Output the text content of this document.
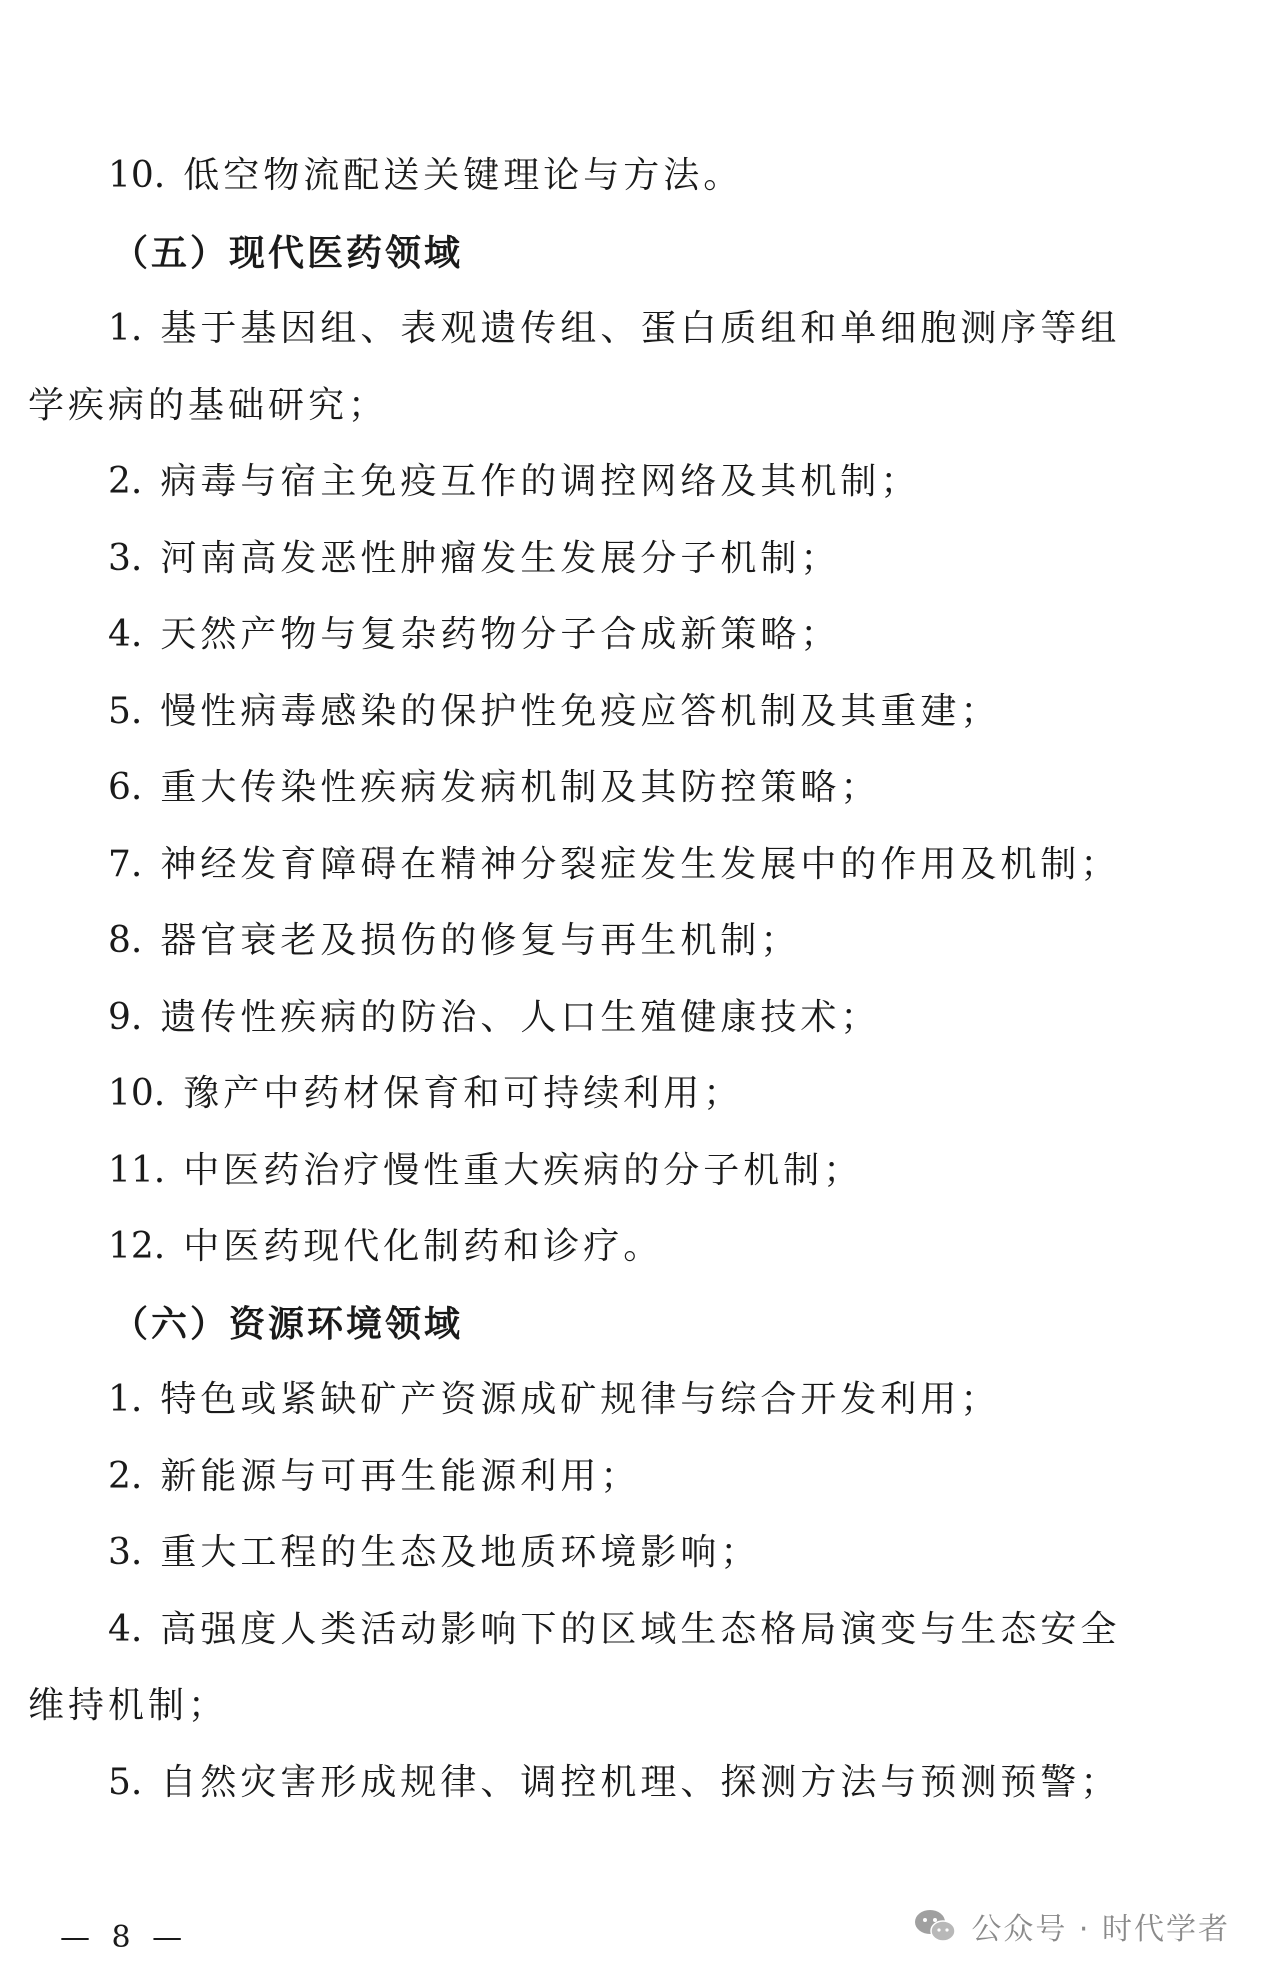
10. 低空物流配送关键理论与方法。
（五）现代医药领域
1. 基于基因组、表观遗传组、蛋白质组和单细胞测序等组
学疾病的基础研究；
2. 病毒与宿主免疫互作的调控网络及其机制；
3. 河南高发恶性肿瘤发生发展分子机制；
4. 天然产物与复杂药物分子合成新策略；
5. 慢性病毒感染的保护性免疫应答机制及其重建；
6. 重大传染性疾病发病机制及其防控策略；
7. 神经发育障碍在精神分裂症发生发展中的作用及机制；
8. 器官衰老及损伤的修复与再生机制；
9. 遗传性疾病的防治、人口生殖健康技术；
10. 豫产中药材保育和可持续利用；
11. 中医药治疗慢性重大疾病的分子机制；
12. 中医药现代化制药和诊疗。
（六）资源环境领域
1. 特色或紧缺矿产资源成矿规律与综合开发利用；
2. 新能源与可再生能源利用；
3. 重大工程的生态及地质环境影响；
4. 高强度人类活动影响下的区域生态格局演变与生态安全
维持机制；
5. 自然灾害形成规律、调控机理、探测方法与预测预警；
— 8 —	公众号 · 时代学者
